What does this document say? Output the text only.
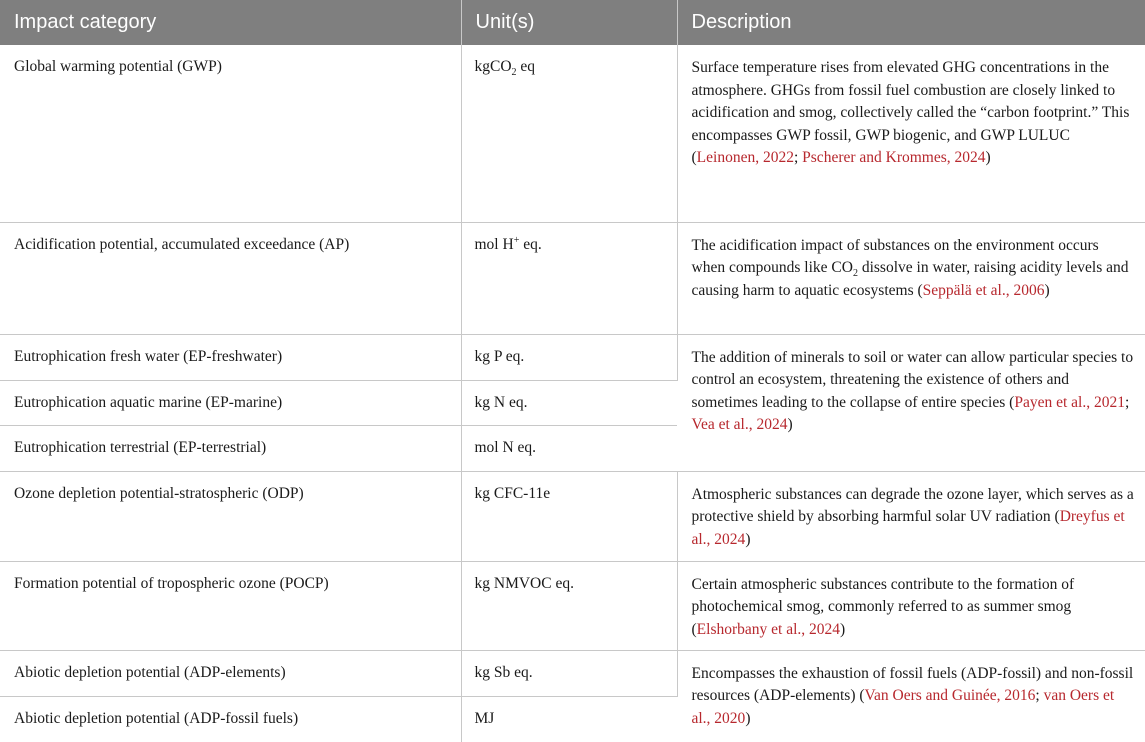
Impact category	Unit(s)	Description
Global warming potential (GWP)	kgCO$_2$ eq	Surface temperature rises from elevated GHG concentrations in the atmosphere. GHGs from fossil fuel combustion are closely linked to acidification and smog, collectively called the “carbon footprint.” This encompasses GWP fossil, GWP biogenic, and GWP LULUC (Leinonen, 2022; Pscherer and Krommes, 2024)
Acidification potential, accumulated exceedance (AP)	mol H+ eq.	The acidification impact of substances on the environment occurs when compounds like $CO_2$ dissolve in water, raising acidity levels and causing harm to aquatic ecosystems (Seppälä et al., 2006)
Eutrophication fresh water (EP-freshwater)	kg P eq.	The addition of minerals to soil or water can allow particular species to control an ecosystem, threatening the existence of others and sometimes leading to the collapse of entire species (Payen et al., 2021; Vea et al., 2024)
Eutrophication aquatic marine (EP-marine)	kg N eq.	
Eutrophication terrestrial (EP-terrestrial)	mol N eq.	
Ozone depletion potential-stratospheric (ODP)	kg CFC-11e	Atmospheric substances can degrade the ozone layer, which serves as a protective shield by absorbing harmful solar UV radiation (Dreyfus et al., 2024)
Formation potential of tropospheric ozone (POCP)	kg NMVOC eq.	Certain atmospheric substances contribute to the formation of photochemical smog, commonly referred to as summer smog (Elshorbany et al., 2024)
Abiotic depletion potential (ADP-elements)	kg Sb eq.	Encompasses the exhaustion of fossil fuels (ADP-fossil) and non-fossil resources (ADP-elements) (Van Oers and Guinée, 2016; van Oers et al., 2020)
Abiotic depletion potential (ADP-fossil fuels)	MJ	
